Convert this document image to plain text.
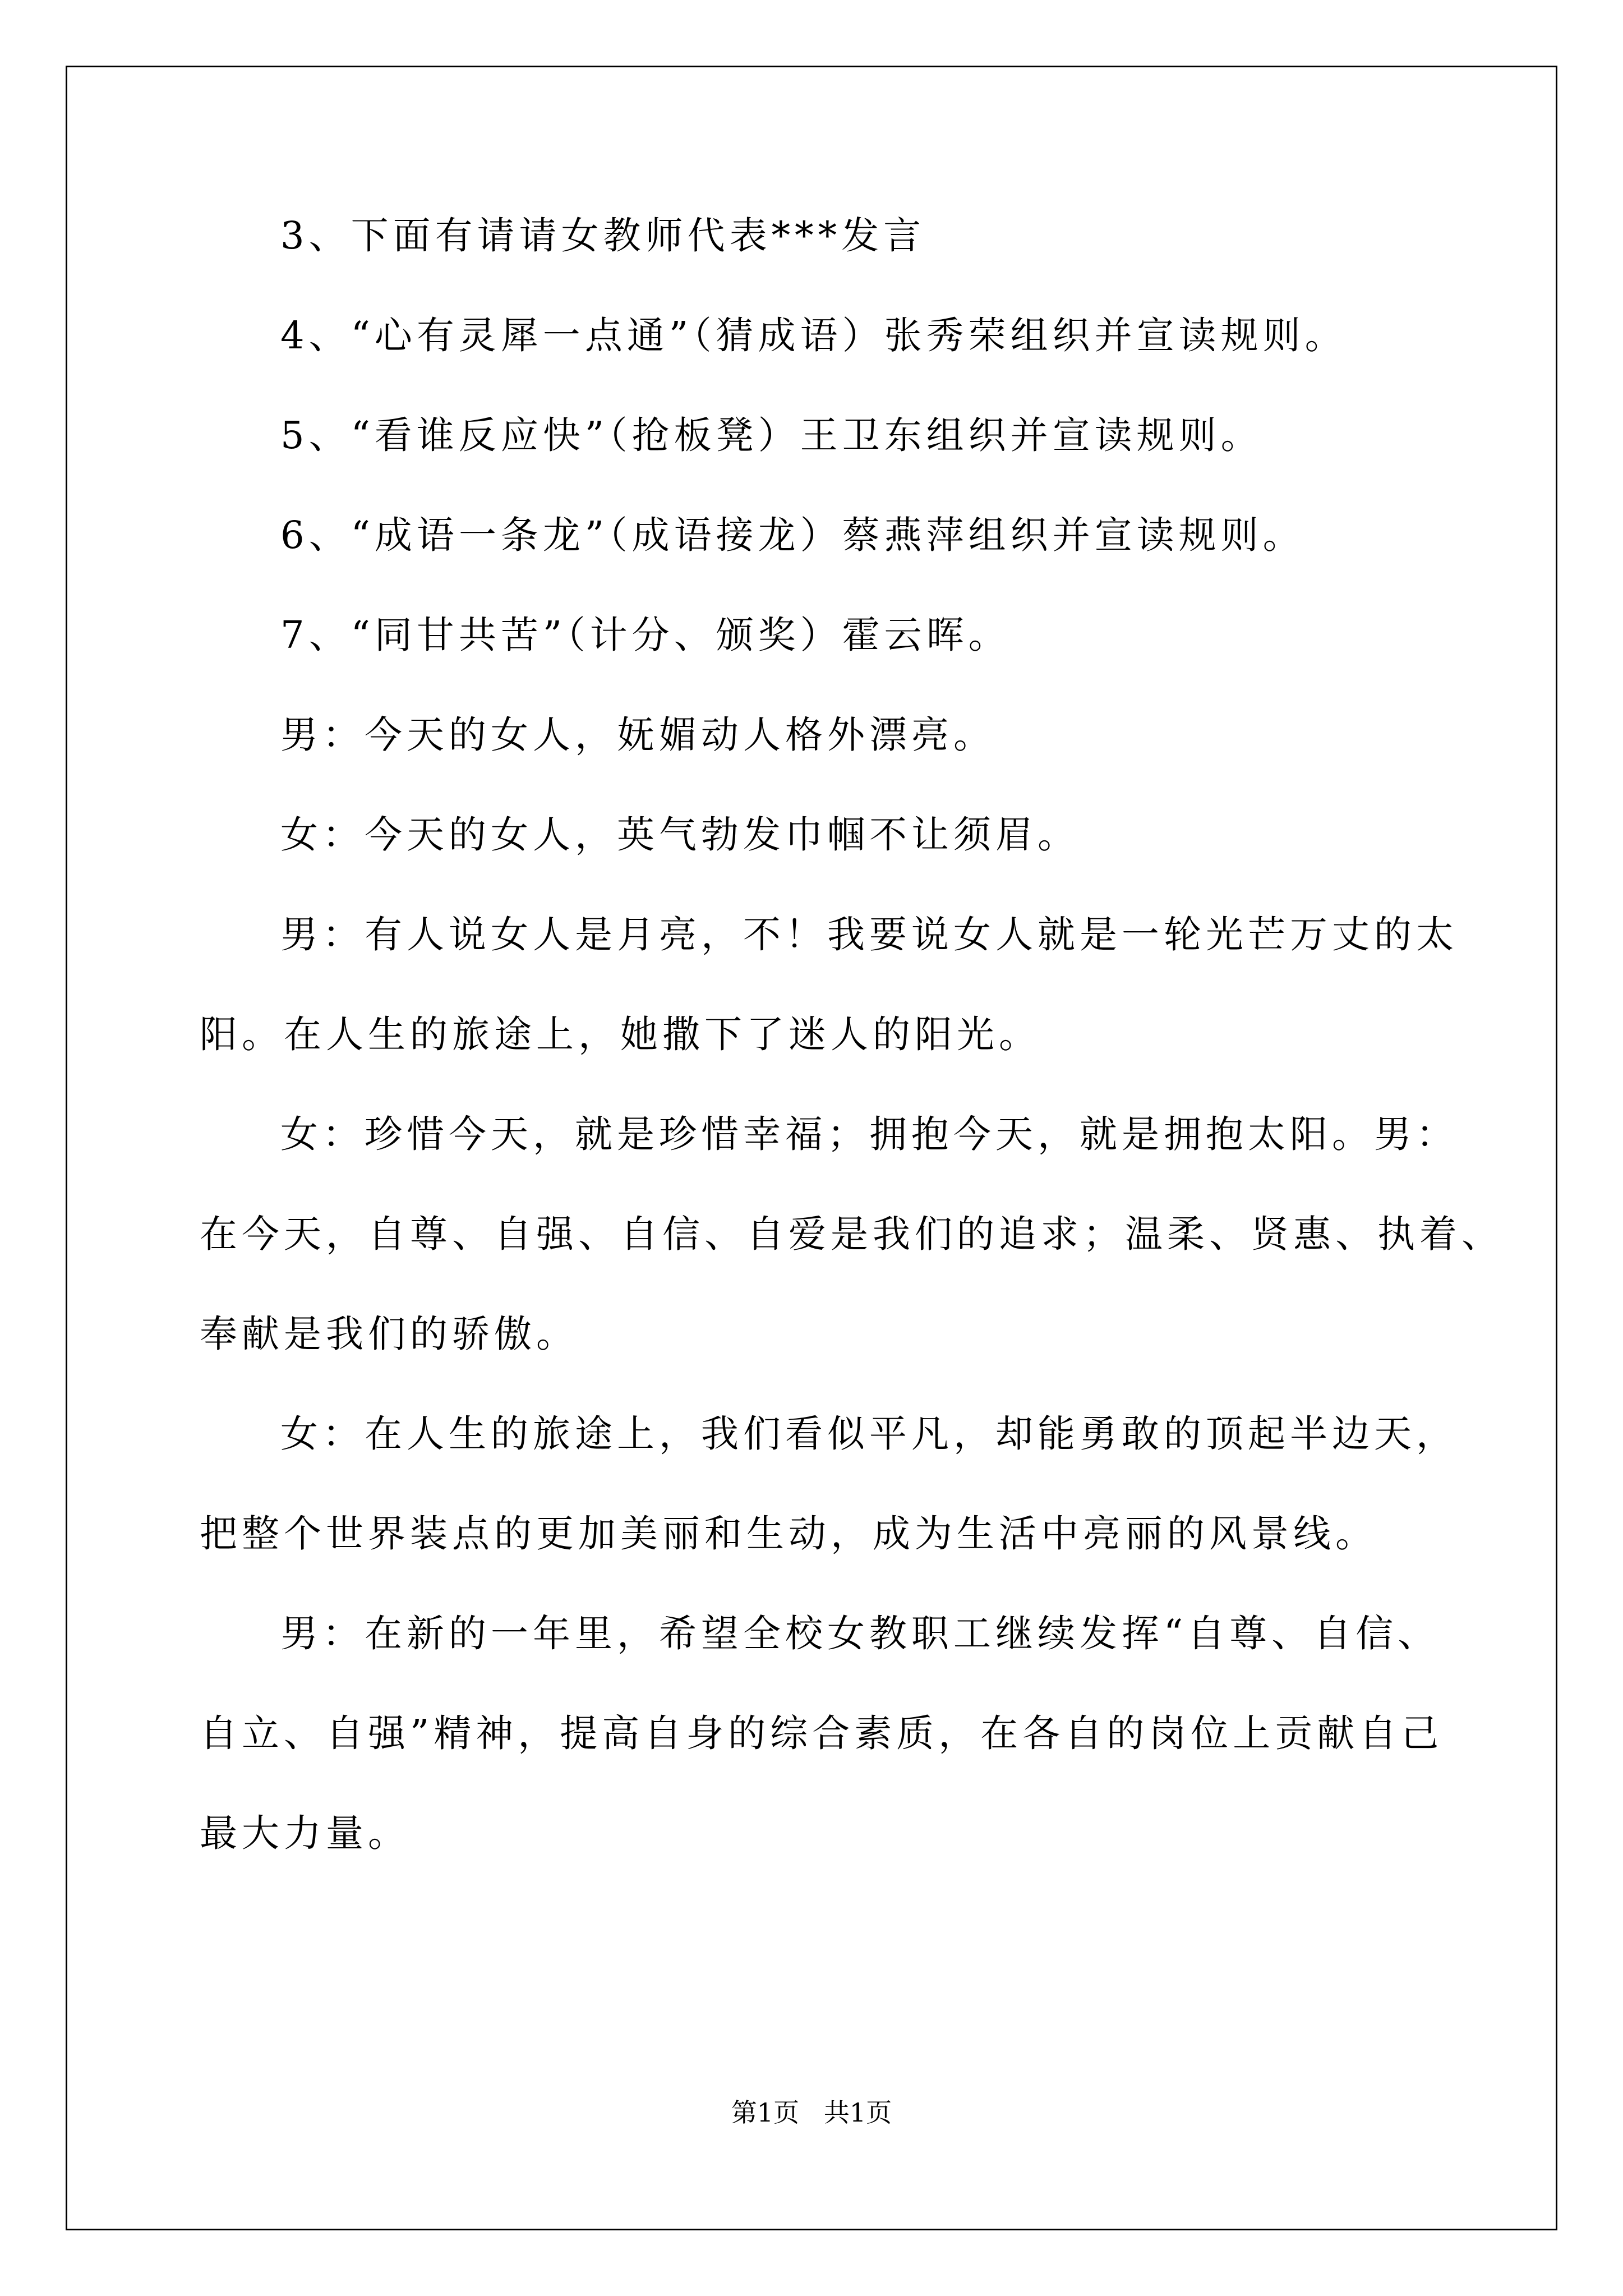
3、下面有请请女教师代表***发言
4、“心有灵犀一点通”（猜成语）张秀荣组织并宣读规则。
5、“看谁反应快”（抢板凳）王卫东组织并宣读规则。
6、“成语一条龙”（成语接龙）蔡燕萍组织并宣读规则。
7、“同甘共苦”（计分、颁奖）霍云晖。
男：今天的女人，妩媚动人格外漂亮。
女：今天的女人，英气勃发巾帼不让须眉。
男：有人说女人是月亮，不！我要说女人就是一轮光芒万丈的太
阳。在人生的旅途上，她撒下了迷人的阳光。
女：珍惜今天，就是珍惜幸福；拥抱今天，就是拥抱太阳。男：
在今天，自尊、自强、自信、自爱是我们的追求；温柔、贤惠、执着、
奉献是我们的骄傲。
女：在人生的旅途上，我们看似平凡，却能勇敢的顶起半边天，
把整个世界装点的更加美丽和生动，成为生活中亮丽的风景线。
男：在新的一年里，希望全校女教职工继续发挥“自尊、自信、
自立、自强”精神，提高自身的综合素质，在各自的岗位上贡献自己
最大力量。
第1页   共1页
